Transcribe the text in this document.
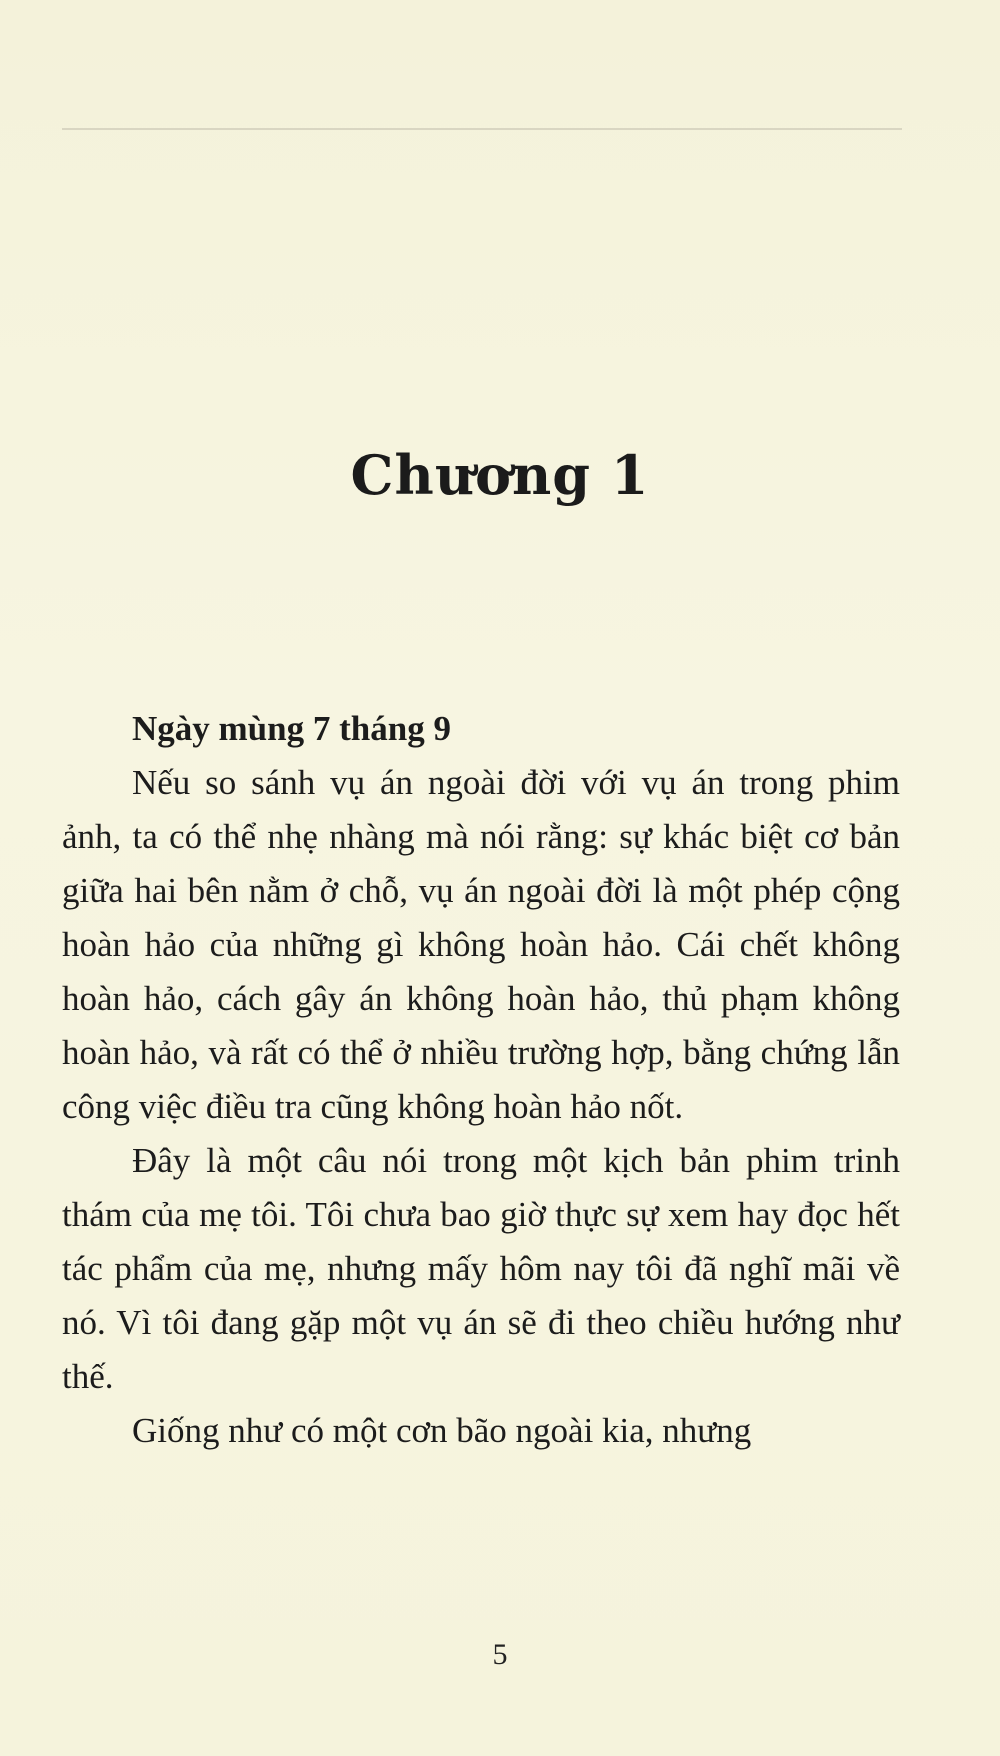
Chương 1

Ngày mùng 7 tháng 9

Nếu so sánh vụ án ngoài đời với vụ án trong phim ảnh, ta có thể nhẹ nhàng mà nói rằng: sự khác biệt cơ bản giữa hai bên nằm ở chỗ, vụ án ngoài đời là một phép cộng hoàn hảo của những gì không hoàn hảo. Cái chết không hoàn hảo, cách gây án không hoàn hảo, thủ phạm không hoàn hảo, và rất có thể ở nhiều trường hợp, bằng chứng lẫn công việc điều tra cũng không hoàn hảo nốt.

Đây là một câu nói trong một kịch bản phim trinh thám của mẹ tôi. Tôi chưa bao giờ thực sự xem hay đọc hết tác phẩm của mẹ, nhưng mấy hôm nay tôi đã nghĩ mãi về nó. Vì tôi đang gặp một vụ án sẽ đi theo chiều hướng như thế.

Giống như có một cơn bão ngoài kia, nhưng

5
